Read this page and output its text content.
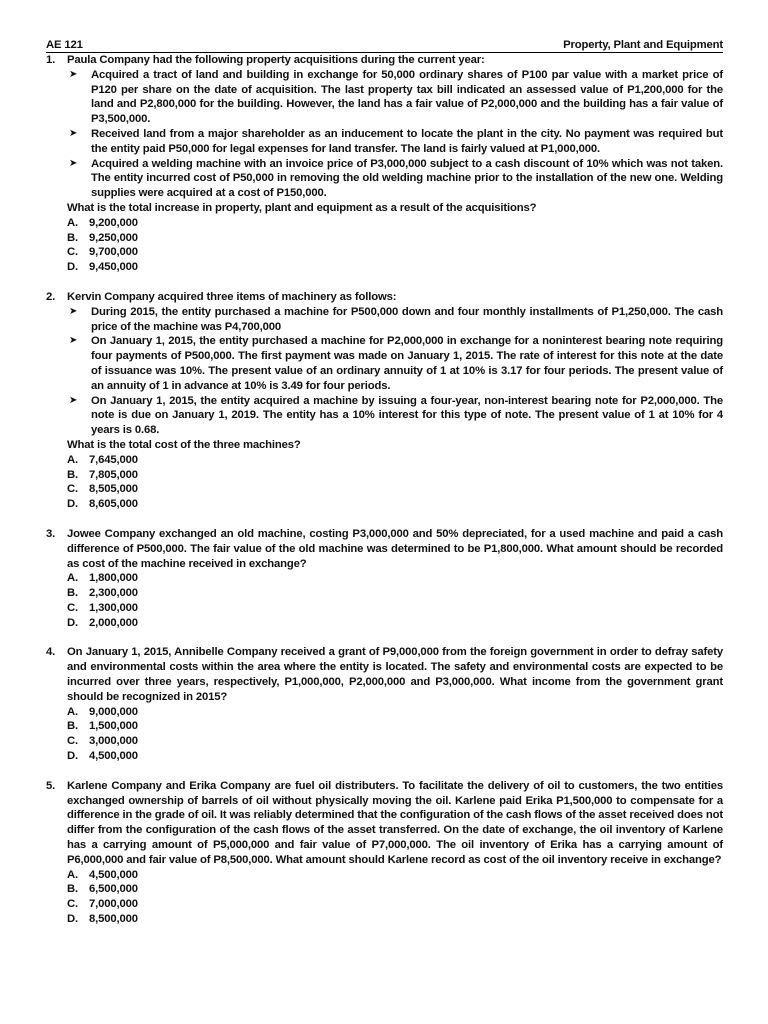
AE 121	Property, Plant and Equipment
1. Paula Company had the following property acquisitions during the current year:
➤ Acquired a tract of land and building in exchange for 50,000 ordinary shares of P100 par value with a market price of P120 per share on the date of acquisition. The last property tax bill indicated an assessed value of P1,200,000 for the land and P2,800,000 for the building. However, the land has a fair value of P2,000,000 and the building has a fair value of P3,500,000.
➤ Received land from a major shareholder as an inducement to locate the plant in the city. No payment was required but the entity paid P50,000 for legal expenses for land transfer. The land is fairly valued at P1,000,000.
➤ Acquired a welding machine with an invoice price of P3,000,000 subject to a cash discount of 10% which was not taken. The entity incurred cost of P50,000 in removing the old welding machine prior to the installation of the new one. Welding supplies were acquired at a cost of P150,000.
What is the total increase in property, plant and equipment as a result of the acquisitions?
A. 9,200,000
B. 9,250,000
C. 9,700,000
D. 9,450,000
2. Kervin Company acquired three items of machinery as follows:
➤ During 2015, the entity purchased a machine for P500,000 down and four monthly installments of P1,250,000. The cash price of the machine was P4,700,000
➤ On January 1, 2015, the entity purchased a machine for P2,000,000 in exchange for a noninterest bearing note requiring four payments of P500,000. The first payment was made on January 1, 2015. The rate of interest for this note at the date of issuance was 10%. The present value of an ordinary annuity of 1 at 10% is 3.17 for four periods. The present value of an annuity of 1 in advance at 10% is 3.49 for four periods.
➤ On January 1, 2015, the entity acquired a machine by issuing a four-year, non-interest bearing note for P2,000,000. The note is due on January 1, 2019. The entity has a 10% interest for this type of note. The present value of 1 at 10% for 4 years is 0.68.
What is the total cost of the three machines?
A. 7,645,000
B. 7,805,000
C. 8,505,000
D. 8,605,000
3. Jowee Company exchanged an old machine, costing P3,000,000 and 50% depreciated, for a used machine and paid a cash difference of P500,000. The fair value of the old machine was determined to be P1,800,000. What amount should be recorded as cost of the machine received in exchange?
A. 1,800,000
B. 2,300,000
C. 1,300,000
D. 2,000,000
4. On January 1, 2015, Annibelle Company received a grant of P9,000,000 from the foreign government in order to defray safety and environmental costs within the area where the entity is located. The safety and environmental costs are expected to be incurred over three years, respectively, P1,000,000, P2,000,000 and P3,000,000. What income from the government grant should be recognized in 2015?
A. 9,000,000
B. 1,500,000
C. 3,000,000
D. 4,500,000
5. Karlene Company and Erika Company are fuel oil distributers. To facilitate the delivery of oil to customers, the two entities exchanged ownership of barrels of oil without physically moving the oil. Karlene paid Erika P1,500,000 to compensate for a difference in the grade of oil. It was reliably determined that the configuration of the cash flows of the asset received does not differ from the configuration of the cash flows of the asset transferred. On the date of exchange, the oil inventory of Karlene has a carrying amount of P5,000,000 and fair value of P7,000,000. The oil inventory of Erika has a carrying amount of P6,000,000 and fair value of P8,500,000. What amount should Karlene record as cost of the oil inventory receive in exchange?
A. 4,500,000
B. 6,500,000
C. 7,000,000
D. 8,500,000
